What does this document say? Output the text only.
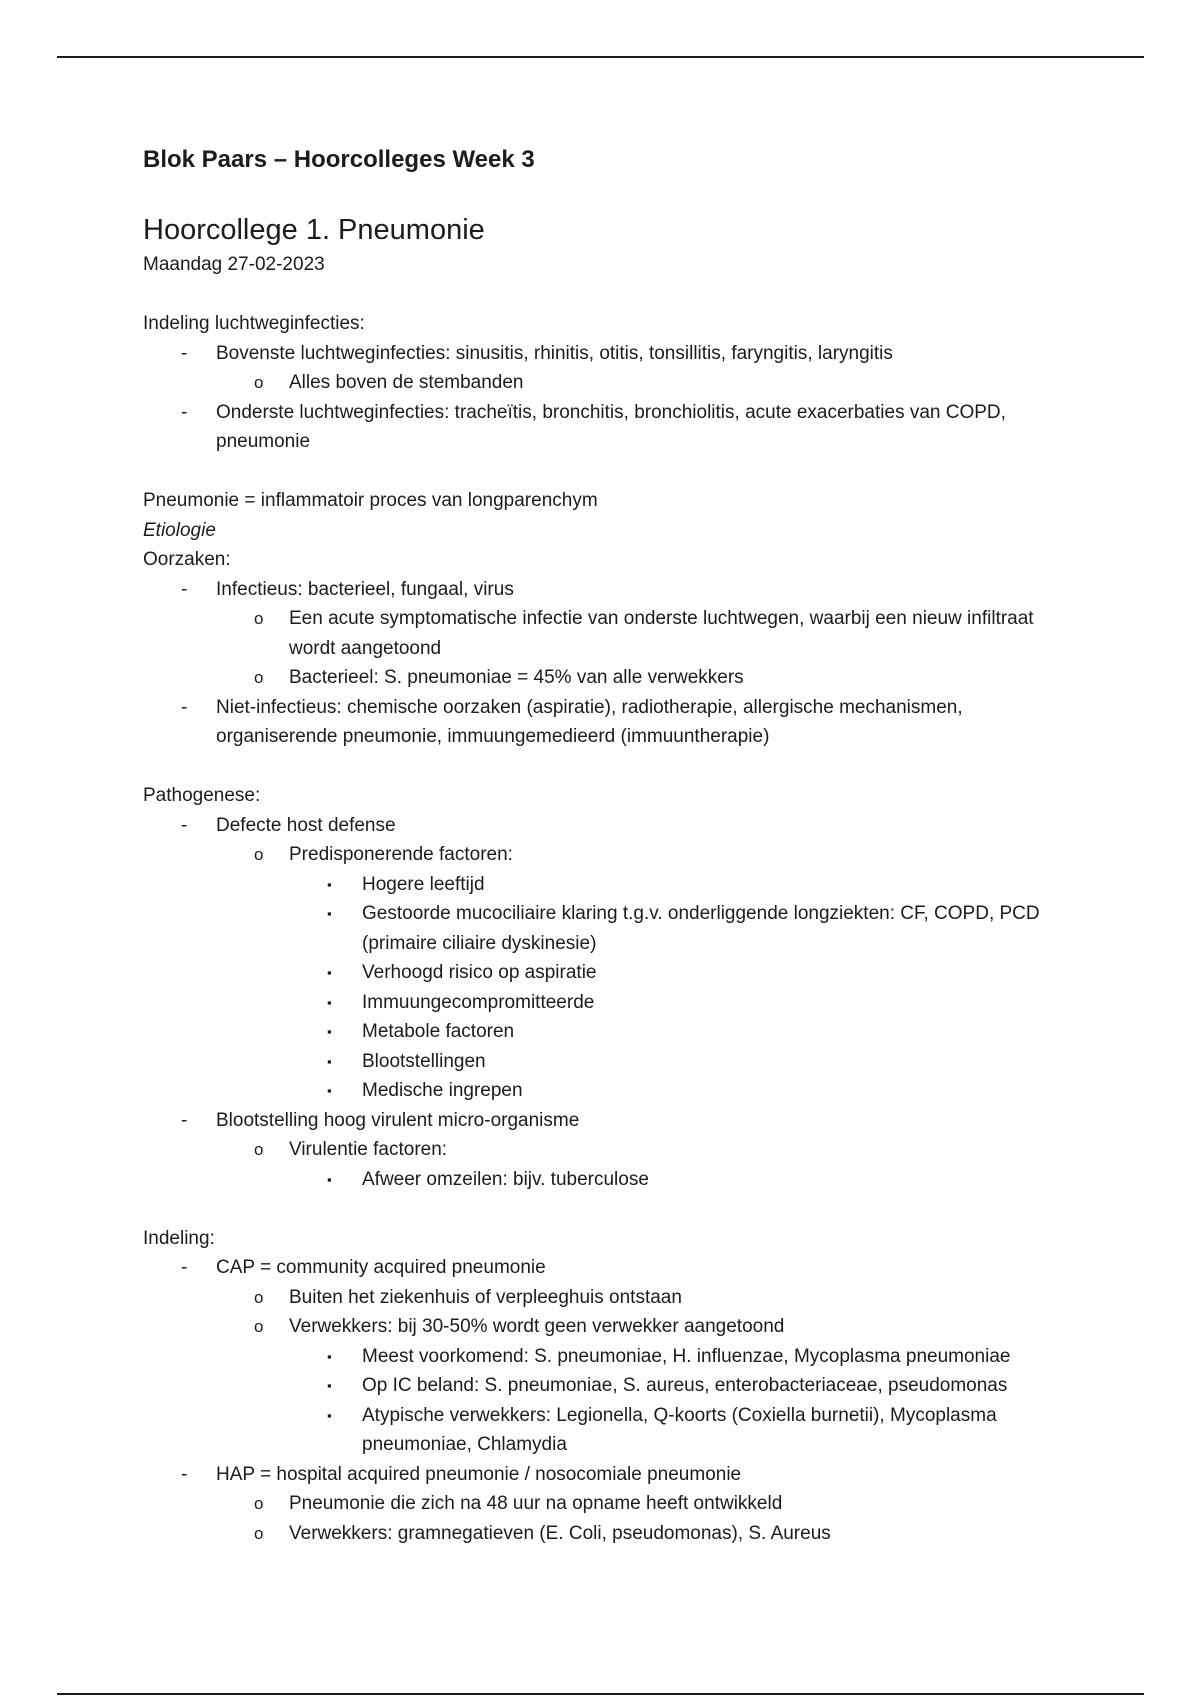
Blok Paars – Hoorcolleges Week 3
Hoorcollege 1. Pneumonie
Maandag 27-02-2023

Indeling luchtweginfecties:

-	Bovenste luchtweginfecties: sinusitis, rhinitis, otitis, tonsillitis, faryngitis, laryngitis
o	Alles boven de stembanden
-	Onderste luchtweginfecties: tracheïtis, bronchitis, bronchiolitis, acute exacerbaties van COPD, pneumonie

Pneumonie = inflammatoir proces van longparenchym

Etiologie

Oorzaken:

-	Infectieus: bacterieel, fungaal, virus
o	Een acute symptomatische infectie van onderste luchtwegen, waarbij een nieuw infiltraat wordt aangetoond
o	Bacterieel: S. pneumoniae = 45% van alle verwekkers
-	Niet-infectieus: chemische oorzaken (aspiratie), radiotherapie, allergische mechanismen, organiserende pneumonie, immuungemedieerd (immuuntherapie)

Pathogenese:

-	Defecte host defense
o	Predisponerende factoren:
▪	Hogere leeftijd
▪	Gestoorde mucociliaire klaring t.g.v. onderliggende longziekten: CF, COPD, PCD (primaire ciliaire dyskinesie)
▪	Verhoogd risico op aspiratie
▪	Immuungecompromitteerde
▪	Metabole factoren
▪	Blootstellingen
▪	Medische ingrepen
-	Blootstelling hoog virulent micro-organisme
o	Virulentie factoren:
▪	Afweer omzeilen: bijv. tuberculose

Indeling:

-	CAP = community acquired pneumonie
o	Buiten het ziekenhuis of verpleeghuis ontstaan
o	Verwekkers: bij 30-50% wordt geen verwekker aangetoond
▪	Meest voorkomend: S. pneumoniae, H. influenzae, Mycoplasma pneumoniae
▪	Op IC beland: S. pneumoniae, S. aureus, enterobacteriaceae, pseudomonas
▪	Atypische verwekkers: Legionella, Q-koorts (Coxiella burnetii), Mycoplasma pneumoniae, Chlamydia
-	HAP = hospital acquired pneumonie / nosocomiale pneumonie
o	Pneumonie die zich na 48 uur na opname heeft ontwikkeld
o	Verwekkers: gramnegatieven (E. Coli, pseudomonas), S. Aureus
